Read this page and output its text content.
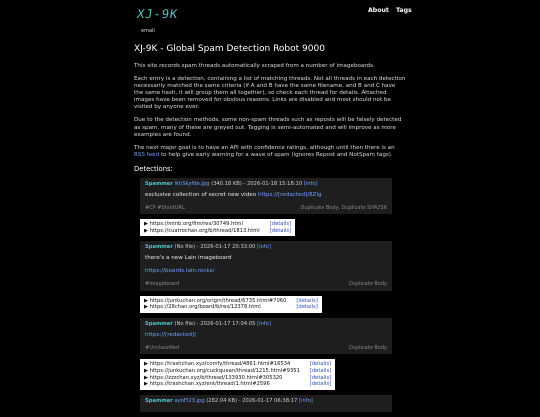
XJ-9K
email
About Tags
XJ-9K - Global Spam Detection Robot 9000

This site records spam threads automatically scraped from a number of imageboards.

Each entry is a detection, containing a list of matching threads. Not all threads in each detection necessarily matched the same criteria (if A and B have the same filename, and B and C have the same hash, it will group them all together), so check each thread for details. Attached images have been removed for obvious reasons. Links are disabled and most should not be visited by anyone ever.

Due to the detection methods, some non-spam threads such as reposts will be falsely detected as spam, many of these are greyed out. Tagging is semi-automated and will improve as more examples are found.

The next major goal is to have an API with confidence ratings, although until then there is an RSS feed to help give early warning for a wave of spam (ignores Repost and NotSpam tags).

Detections:
Spammer lkhSkyfde.jpg (340.18 KB) - 2026-01-18 15:18:10 [info]
exclusive collection of secret new video https://[redacted]/8Zlg
#CP #ShortURL	Duplicate Body, Duplicate SHA256
▶ https://mlnb.org/fim/res/30749.html	[details]
▶ https://cuatrochan.org/b/thread/1813.html [details]
Spammer (No file) - 2026-01-17 20:33:00 [info]
there's a new Lain imageboard
https://boards.lain.rocks/
#Imageboard	Duplicate Body
▶ https://junkuchan.org/origin/thread/6735.html#7060 [details]
▶ https://28chan.org/board/b/res/12378.html	[details]
Spammer (No file) - 2026-01-17 17:04:05 [info]
https://[redacted]/
#Unclassified	Duplicate Body
▶ https://trashchan.xyz/comfy/thread/4861.html#16534	[details]
▶ https://junkuchan.org/cuckquean/thread/1215.html#9351 [details]
▶ https://zzzchan.xyz/b/thread/133930.html#305320	[details]
▶ https://trashchan.xyz/ent/thread/1.html#2596	[details]
Spammer ayoFl23.jpg (282.04 KB) - 2026-01-17 06:38:17 [info]
